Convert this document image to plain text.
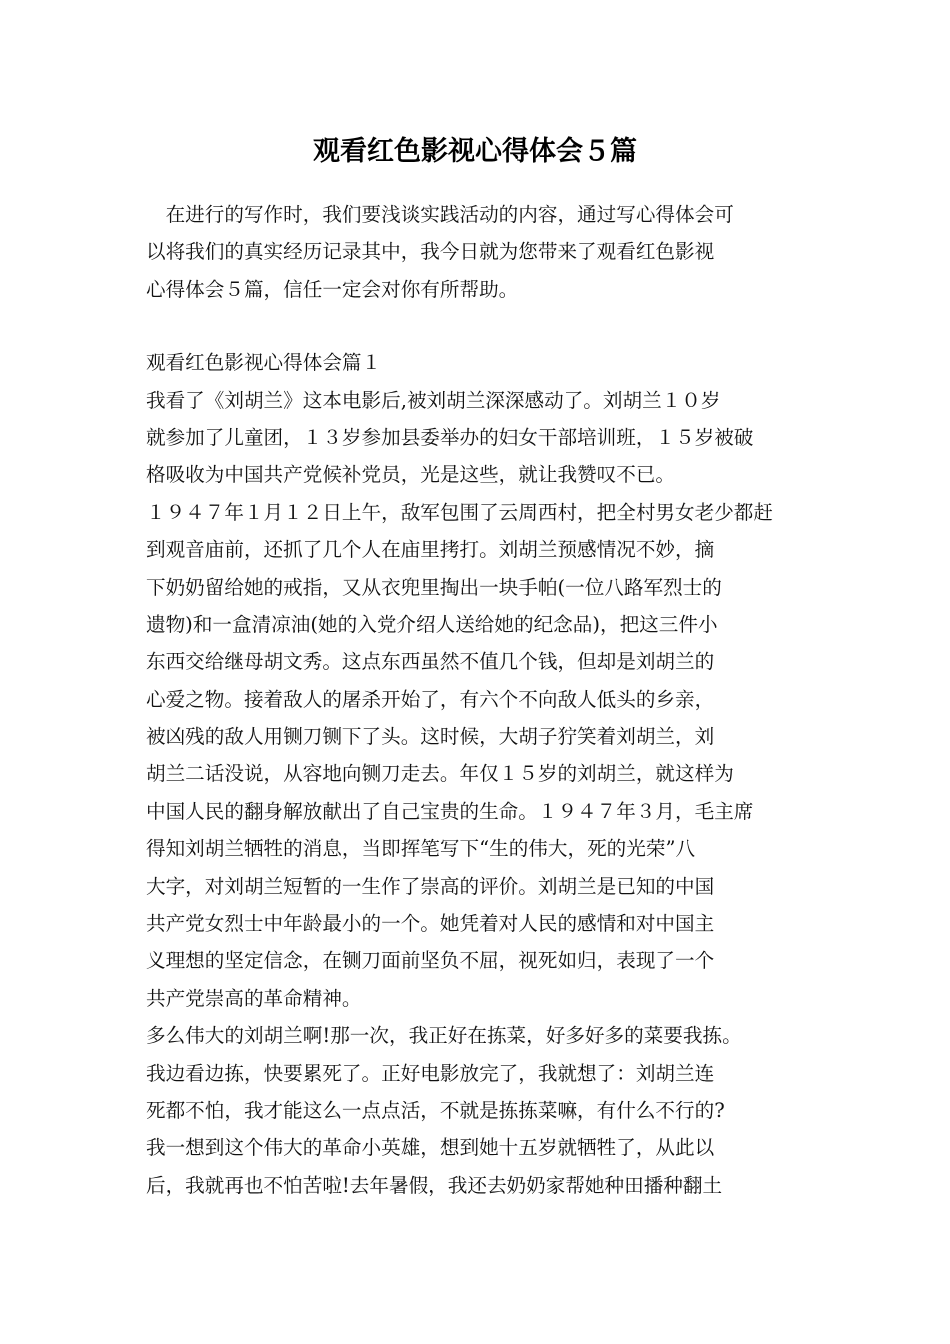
观看红色影视心得体会５篇
　在进行的写作时，我们要浅谈实践活动的内容，通过写心得体会可
以将我们的真实经历记录其中，我今日就为您带来了观看红色影视
心得体会５篇，信任一定会对你有所帮助。
观看红色影视心得体会篇１
我看了《刘胡兰》这本电影后,被刘胡兰深深感动了。刘胡兰１０岁
就参加了儿童团，１３岁参加县委举办的妇女干部培训班，１５岁被破
格吸收为中国共产党候补党员，光是这些，就让我赞叹不已。
１９４７年１月１２日上午，敌军包围了云周西村，把全村男女老少都赶
到观音庙前，还抓了几个人在庙里拷打。刘胡兰预感情况不妙，摘
下奶奶留给她的戒指，又从衣兜里掏出一块手帕(一位八路军烈士的
遗物)和一盒清凉油(她的入党介绍人送给她的纪念品)，把这三件小
东西交给继母胡文秀。这点东西虽然不值几个钱，但却是刘胡兰的
心爱之物。接着敌人的屠杀开始了，有六个不向敌人低头的乡亲，
被凶残的敌人用铡刀铡下了头。这时候，大胡子狞笑着刘胡兰，刘
胡兰二话没说，从容地向铡刀走去。年仅１５岁的刘胡兰，就这样为
中国人民的翻身解放献出了自己宝贵的生命。１９４７年３月，毛主席
得知刘胡兰牺牲的消息，当即挥笔写下“生的伟大，死的光荣”八
大字，对刘胡兰短暂的一生作了崇高的评价。刘胡兰是已知的中国
共产党女烈士中年龄最小的一个。她凭着对人民的感情和对中国主
义理想的坚定信念，在铡刀面前坚负不屈，视死如归，表现了一个
共产党崇高的革命精神。
多么伟大的刘胡兰啊!那一次，我正好在拣菜，好多好多的菜要我拣。
我边看边拣，快要累死了。正好电影放完了，我就想了：刘胡兰连
死都不怕，我才能这么一点点活，不就是拣拣菜嘛，有什么不行的?
我一想到这个伟大的革命小英雄，想到她十五岁就牺牲了，从此以
后，我就再也不怕苦啦!去年暑假，我还去奶奶家帮她种田播种翻土
